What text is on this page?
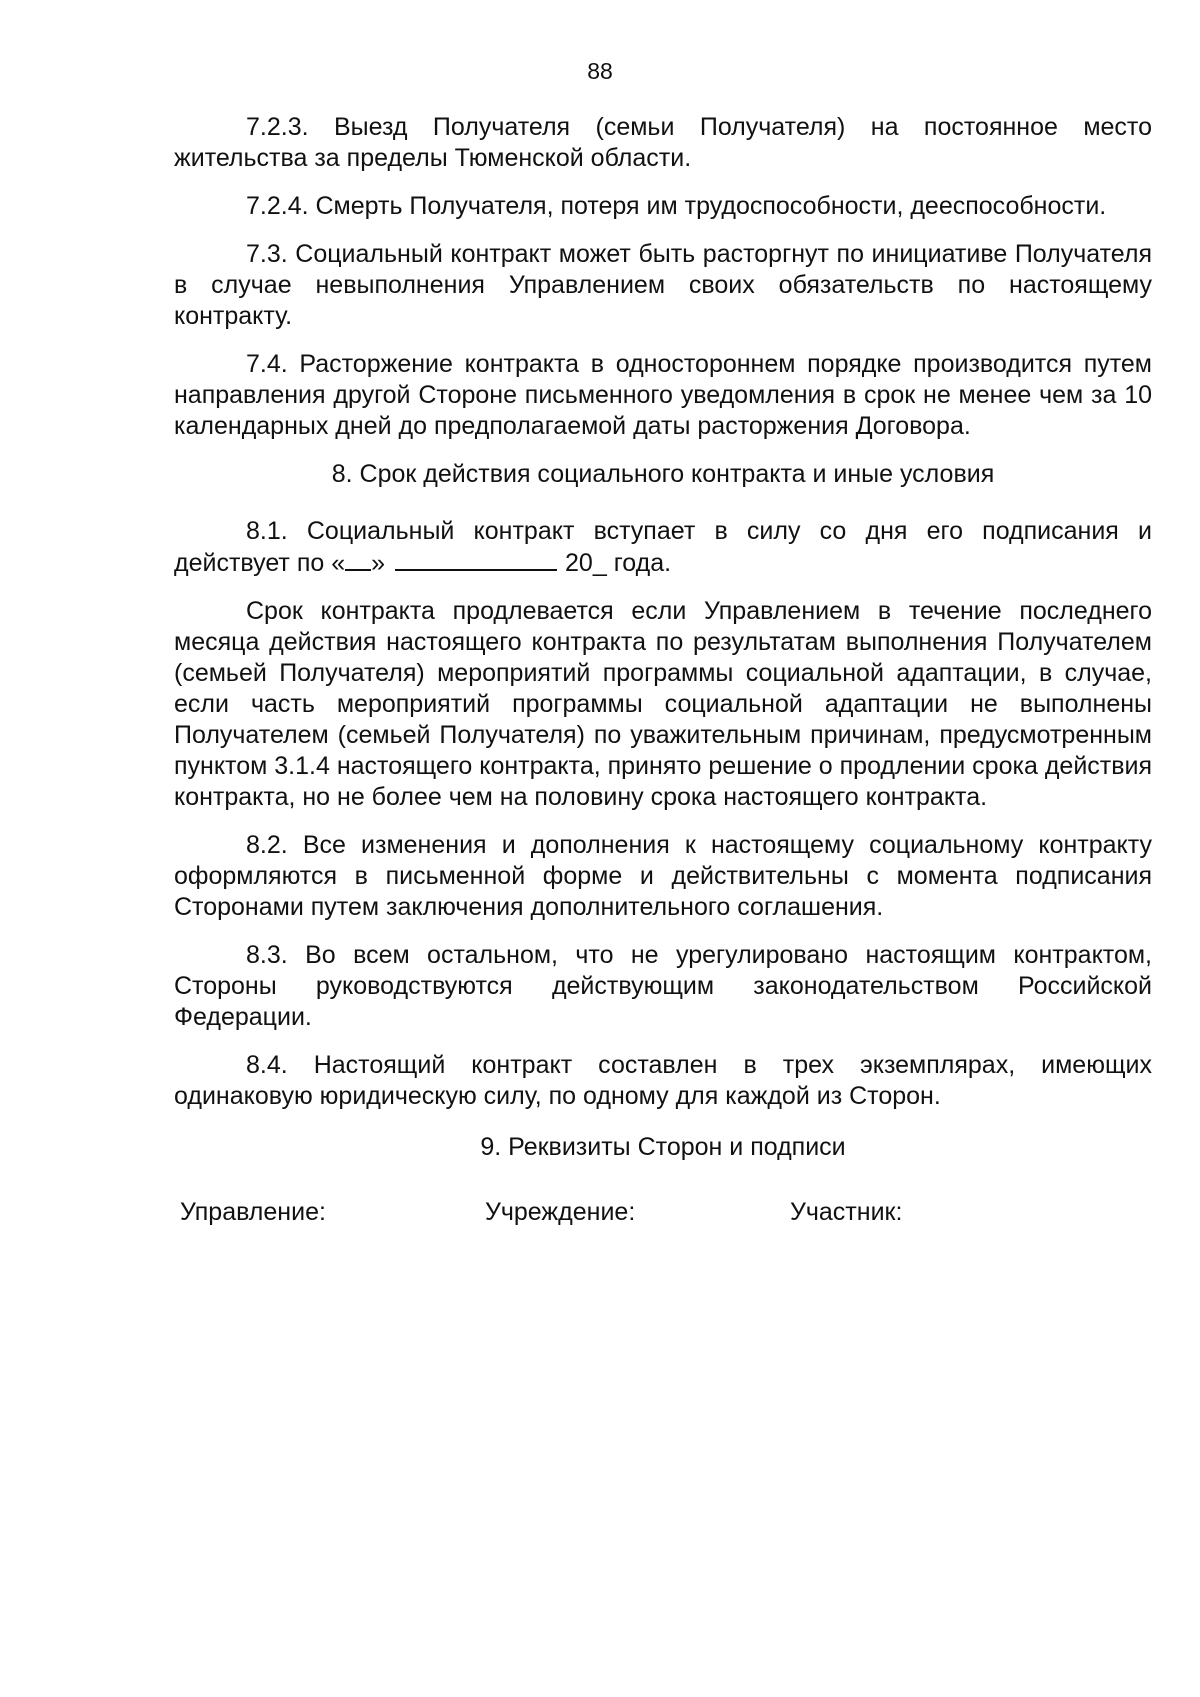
88

7.2.3. Выезд Получателя (семьи Получателя) на постоянное место жительства за пределы Тюменской области.

7.2.4. Смерть Получателя, потеря им трудоспособности, дееспособности.

7.3. Социальный контракт может быть расторгнут по инициативе Получателя в случае невыполнения Управлением своих обязательств по настоящему контракту.

7.4. Расторжение контракта в одностороннем порядке производится путем направления другой Стороне письменного уведомления в срок не менее чем за 10 календарных дней до предполагаемой даты расторжения Договора.

8. Срок действия социального контракта и иные условия

8.1. Социальный контракт вступает в силу со дня его подписания и действует по « »	20_ года.

Срок контракта продлевается если Управлением в течение последнего месяца действия настоящего контракта по результатам выполнения Получателем (семьей Получателя) мероприятий программы социальной адаптации, в случае, если часть мероприятий программы социальной адаптации не выполнены Получателем (семьей Получателя) по уважительным причинам, предусмотренным пунктом 3.1.4 настоящего контракта, принято решение о продлении срока действия контракта, но не более чем на половину срока настоящего контракта.

8.2. Все изменения и дополнения к настоящему социальному контракту оформляются в письменной форме и действительны с момента подписания Сторонами путем заключения дополнительного соглашения.

8.3. Во всем остальном, что не урегулировано настоящим контрактом, Стороны руководствуются действующим законодательством Российской Федерации.

8.4. Настоящий контракт составлен в трех экземплярах, имеющих одинаковую юридическую силу, по одному для каждой из Сторон.

9. Реквизиты Сторон и подписи

Управление:	Учреждение:	Участник:
